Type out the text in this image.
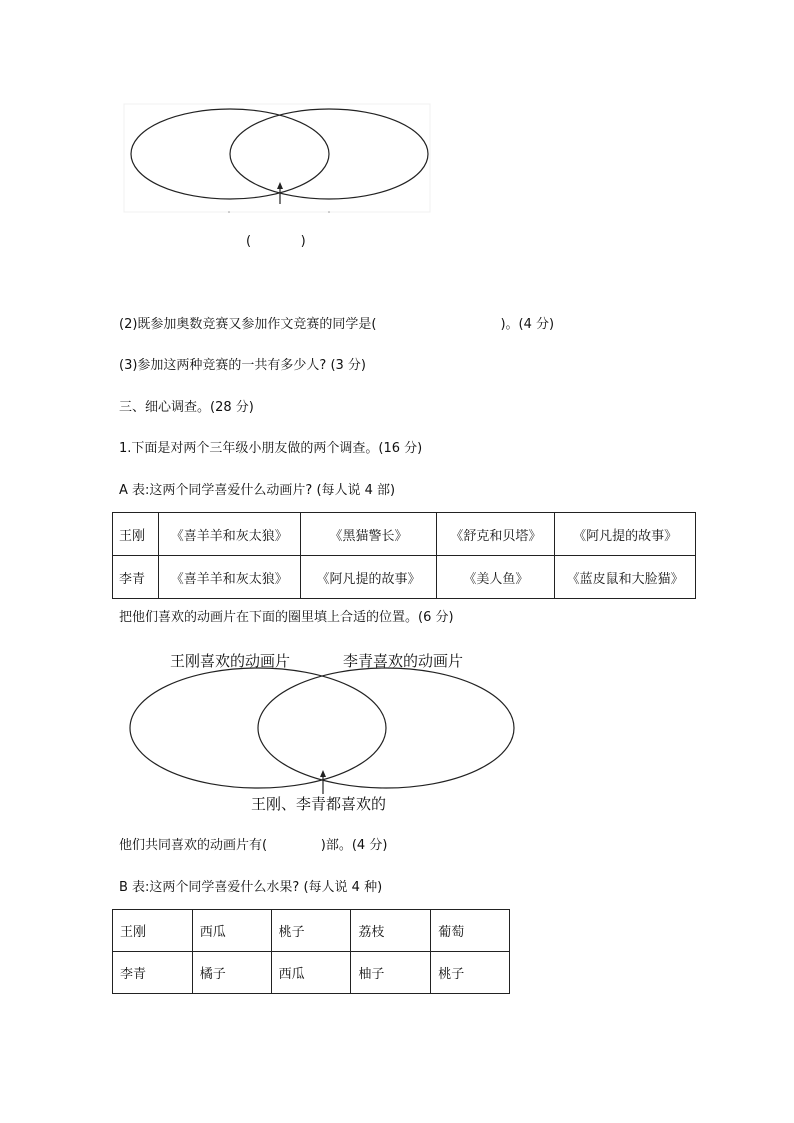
(            )
(2)既参加奥数竞赛又参加作文竞赛的同学是(                              )。(4 分)
(3)参加这两种竞赛的一共有多少人? (3 分)
三、细心调查。(28 分)
1.下面是对两个三年级小朋友做的两个调查。(16 分)
A 表:这两个同学喜爱什么动画片? (每人说 4 部)
王刚	《喜羊羊和灰太狼》	《黑猫警长》	《舒克和贝塔》	《阿凡提的故事》
李青	《喜羊羊和灰太狼》	《阿凡提的故事》	《美人鱼》	《蓝皮鼠和大脸猫》
把他们喜欢的动画片在下面的圈里填上合适的位置。(6 分)
王刚喜欢的动画片	李青喜欢的动画片
王刚、李青都喜欢的
他们共同喜欢的动画片有(             )部。(4 分)
B 表:这两个同学喜爱什么水果? (每人说 4 种)
王刚	西瓜	桃子	荔枝	葡萄
李青	橘子	西瓜	柚子	桃子
